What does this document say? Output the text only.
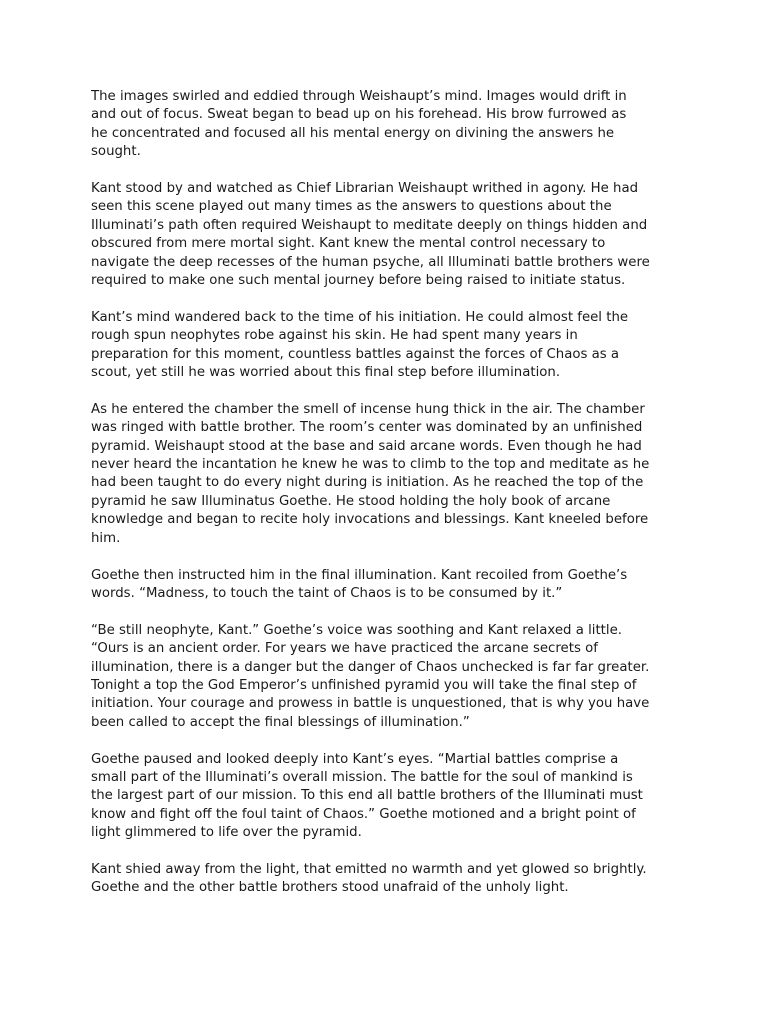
The images swirled and eddied through Weishaupt’s mind. Images would drift in
and out of focus. Sweat began to bead up on his forehead. His brow furrowed as
he concentrated and focused all his mental energy on divining the answers he
sought.

Kant stood by and watched as Chief Librarian Weishaupt writhed in agony. He had
seen this scene played out many times as the answers to questions about the
Illuminati’s path often required Weishaupt to meditate deeply on things hidden and
obscured from mere mortal sight. Kant knew the mental control necessary to
navigate the deep recesses of the human psyche, all Illuminati battle brothers were
required to make one such mental journey before being raised to initiate status.

Kant’s mind wandered back to the time of his initiation. He could almost feel the
rough spun neophytes robe against his skin. He had spent many years in
preparation for this moment, countless battles against the forces of Chaos as a
scout, yet still he was worried about this final step before illumination.

As he entered the chamber the smell of incense hung thick in the air. The chamber
was ringed with battle brother. The room’s center was dominated by an unfinished
pyramid. Weishaupt stood at the base and said arcane words. Even though he had
never heard the incantation he knew he was to climb to the top and meditate as he
had been taught to do every night during is initiation. As he reached the top of the
pyramid he saw Illuminatus Goethe. He stood holding the holy book of arcane
knowledge and began to recite holy invocations and blessings. Kant kneeled before
him.

Goethe then instructed him in the final illumination. Kant recoiled from Goethe’s
words. “Madness, to touch the taint of Chaos is to be consumed by it.”

“Be still neophyte, Kant.” Goethe’s voice was soothing and Kant relaxed a little.
“Ours is an ancient order. For years we have practiced the arcane secrets of
illumination, there is a danger but the danger of Chaos unchecked is far far greater.
Tonight a top the God Emperor’s unfinished pyramid you will take the final step of
initiation. Your courage and prowess in battle is unquestioned, that is why you have
been called to accept the final blessings of illumination.”

Goethe paused and looked deeply into Kant’s eyes. “Martial battles comprise a
small part of the Illuminati’s overall mission. The battle for the soul of mankind is
the largest part of our mission. To this end all battle brothers of the Illuminati must
know and fight off the foul taint of Chaos.” Goethe motioned and a bright point of
light glimmered to life over the pyramid.

Kant shied away from the light, that emitted no warmth and yet glowed so brightly.
Goethe and the other battle brothers stood unafraid of the unholy light.
